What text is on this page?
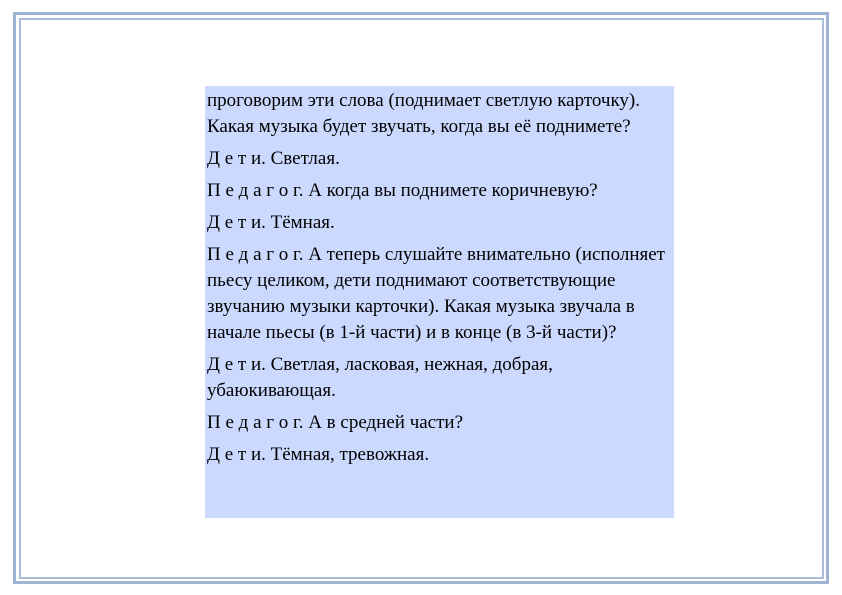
проговорим эти слова (поднимает светлую карточку). Какая музыка будет звучать, когда вы её поднимете?

Д е т и. Светлая.

П е д а г о г. А когда вы поднимете коричневую?

Д е т и. Тёмная.

П е д а г о г. А теперь слушайте внимательно (исполняет пьесу целиком, дети поднимают соответствующие звучанию музыки карточки). Какая музыка звучала в начале пьесы (в 1-й части) и в конце (в 3-й части)?

Д е т и. Светлая, ласковая, нежная, добрая, убаюкивающая.

П е д а г о г. А в средней части?

Д е т и. Тёмная, тревожная.
